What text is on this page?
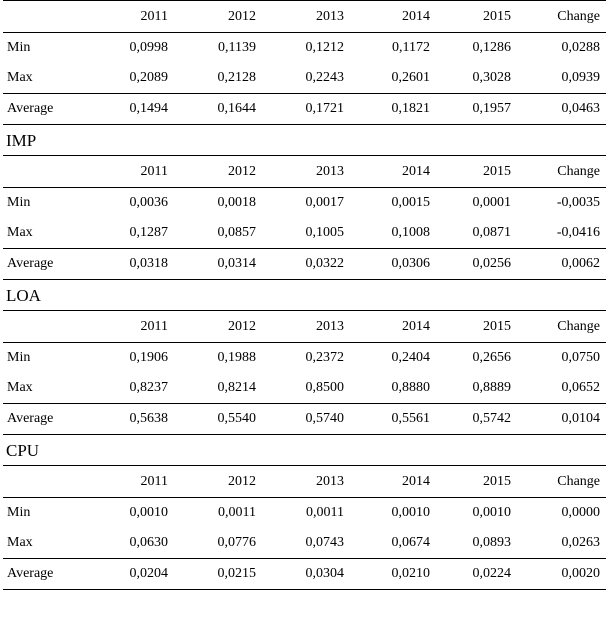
	2011	2012	2013	2014	2015	Change
Min	0,0998	0,1139	0,1212	0,1172	0,1286	0,0288
Max	0,2089	0,2128	0,2243	0,2601	0,3028	0,0939
Average	0,1494	0,1644	0,1721	0,1821	0,1957	0,0463
IMP
	2011	2012	2013	2014	2015	Change
Min	0,0036	0,0018	0,0017	0,0015	0,0001	-0,0035
Max	0,1287	0,0857	0,1005	0,1008	0,0871	-0,0416
Average	0,0318	0,0314	0,0322	0,0306	0,0256	0,0062
LOA
	2011	2012	2013	2014	2015	Change
Min	0,1906	0,1988	0,2372	0,2404	0,2656	0,0750
Max	0,8237	0,8214	0,8500	0,8880	0,8889	0,0652
Average	0,5638	0,5540	0,5740	0,5561	0,5742	0,0104
CPU
	2011	2012	2013	2014	2015	Change
Min	0,0010	0,0011	0,0011	0,0010	0,0010	0,0000
Max	0,0630	0,0776	0,0743	0,0674	0,0893	0,0263
Average	0,0204	0,0215	0,0304	0,0210	0,0224	0,0020
